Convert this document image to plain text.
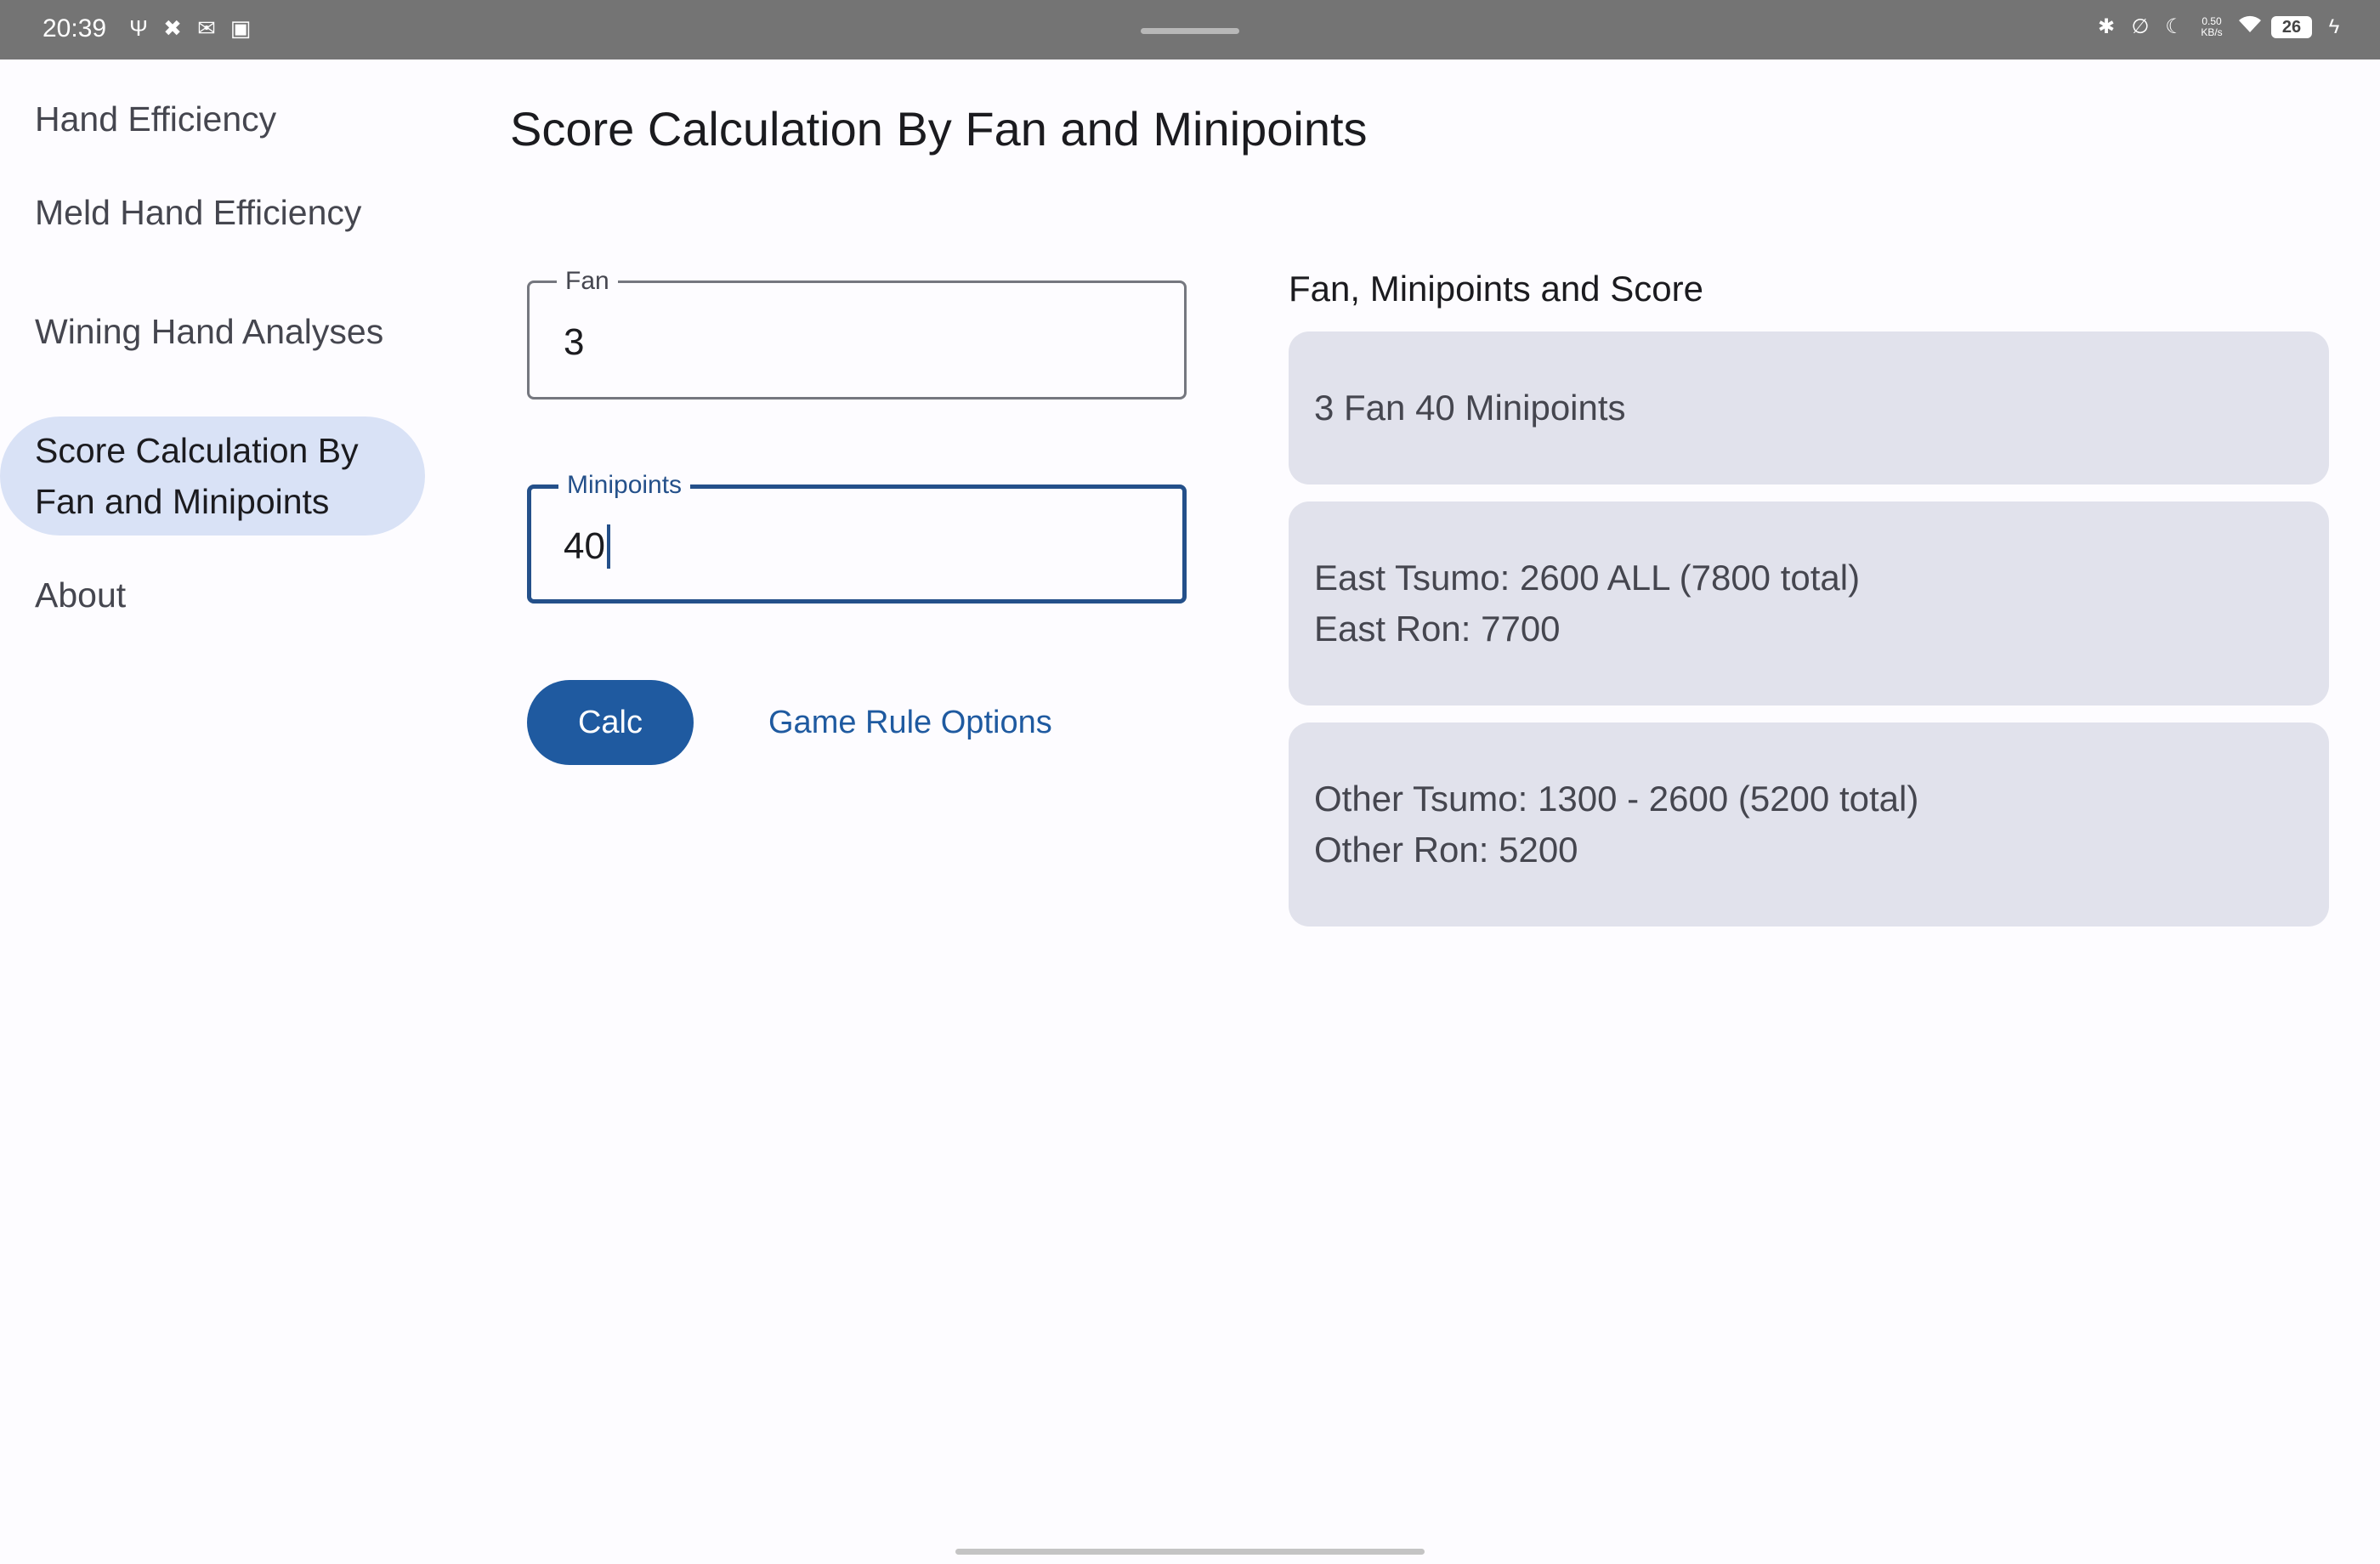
20:39 Ψ ✖ ✉ ▣	✱ ∅ ☾	0.50
KB/s	26	ϟ
Hand Efficiency
Meld Hand Efficiency
Wining Hand Analyses
Score Calculation By Fan and Minipoints
About
Score Calculation By Fan and Minipoints
Fan
3
Minipoints
40
Calc	Game Rule Options
Fan, Minipoints and Score
3 Fan 40 Minipoints
East Tsumo: 2600 ALL (7800 total)
East Ron: 7700
Other Tsumo: 1300 - 2600 (5200 total)
Other Ron: 5200
